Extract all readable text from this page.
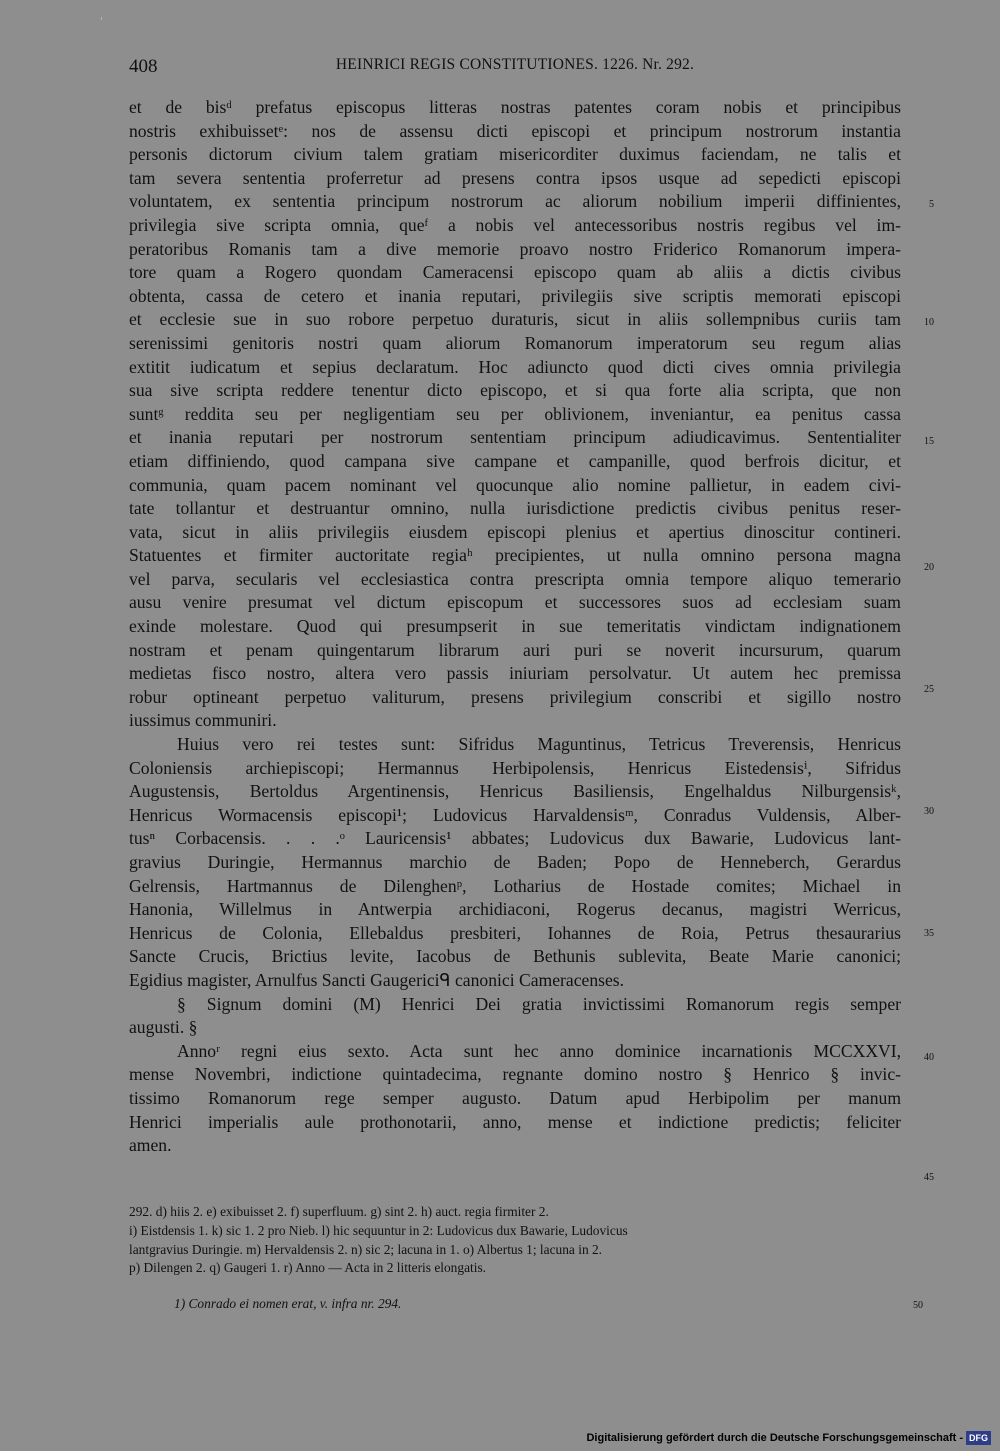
408	HEINRICI REGIS CONSTITUTIONES. 1226. Nr. 292.
et de bisᵈ prefatus episcopus litteras nostras patentes coram nobis et principibus
nostris exhibuissetᵉ: nos de assensu dicti episcopi et principum nostrorum instantia
personis dictorum civium talem gratiam misericorditer duximus faciendam, ne talis et
tam severa sententia proferretur ad presens contra ipsos usque ad sepedicti episcopi
voluntatem, ex sententia principum nostrorum ac aliorum nobilium imperii diffinientes,
privilegia sive scripta omnia, queᶠ a nobis vel antecessoribus nostris regibus vel im-
peratoribus Romanis tam a dive memorie proavo nostro Friderico Romanorum impera-
tore quam a Rogero quondam Cameracensi episcopo quam ab aliis a dictis civibus
obtenta, cassa de cetero et inania reputari, privilegiis sive scriptis memorati episcopi
et ecclesie sue in suo robore perpetuo duraturis, sicut in aliis sollempnibus curiis tam
serenissimi genitoris nostri quam aliorum Romanorum imperatorum seu regum alias
extitit iudicatum et sepius declaratum. Hoc adiuncto quod dicti cives omnia privilegia
sua sive scripta reddere tenentur dicto episcopo, et si qua forte alia scripta, que non
suntᵍ reddita seu per negligentiam seu per oblivionem, inveniantur, ea penitus cassa
et inania reputari per nostrorum sententiam principum adiudicavimus. Sententialiter
etiam diffiniendo, quod campana sive campane et campanille, quod berfrois dicitur, et
communia, quam pacem nominant vel quocunque alio nomine pallietur, in eadem civi-
tate tollantur et destruantur omnino, nulla iurisdictione predictis civibus penitus reser-
vata, sicut in aliis privilegiis eiusdem episcopi plenius et apertius dinoscitur contineri.
Statuentes et firmiter auctoritate regiaʰ precipientes, ut nulla omnino persona magna
vel parva, secularis vel ecclesiastica contra prescripta omnia tempore aliquo temerario
ausu venire presumat vel dictum episcopum et successores suos ad ecclesiam suam
exinde molestare. Quod qui presumpserit in sue temeritatis vindictam indignationem
nostram et penam quingentarum librarum auri puri se noverit incursurum, quarum
medietas fisco nostro, altera vero passis iniuriam persolvatur. Ut autem hec premissa
robur optineant perpetuo valiturum, presens privilegium conscribi et sigillo nostro
iussimus communiri.
Huius vero rei testes sunt: Sifridus Maguntinus, Tetricus Treverensis, Henricus
Coloniensis archiepiscopi; Hermannus Herbipolensis, Henricus Eistedensisⁱ, Sifridus
Augustensis, Bertoldus Argentinensis, Henricus Basiliensis, Engelhaldus Nilburgensisᵏ,
Henricus Wormacensis episcopi¹; Ludovicus Harvaldensisᵐ, Conradus Vuldensis, Alber-
tusⁿ Corbacensis. . . .ᵒ Lauricensis¹ abbates; Ludovicus dux Bawarie, Ludovicus lant-
gravius Duringie, Hermannus marchio de Baden; Popo de Henneberch, Gerardus
Gelrensis, Hartmannus de Dilenghenᵖ, Lotharius de Hostade comites; Michael in
Hanonia, Willelmus in Antwerpia archidiaconi, Rogerus decanus, magistri Werricus,
Henricus de Colonia, Ellebaldus presbiteri, Iohannes de Roia, Petrus thesaurarius
Sancte Crucis, Brictius levite, Iacobus de Bethunis sublevita, Beate Marie canonici;
Egidius magister, Arnulfus Sancti Gaugericiᑫ canonici Cameracenses.
§ Signum domini (M) Henrici Dei gratia invictissimi Romanorum regis semper
augusti. §
Annoʳ regni eius sexto. Acta sunt hec anno dominice incarnationis MCCXXVI,
mense Novembri, indictione quintadecima, regnante domino nostro § Henrico § invic-
tissimo Romanorum rege semper augusto. Datum apud Herbipolim per manum
Henrici imperialis aule prothonotarii, anno, mense et indictione predictis; feliciter
amen.
5
10
15
20
25
30
35
40
45
292. d) hiis 2. e) exibuisset 2. f) superfluum. g) sint 2. h) auct. regia firmiter 2.
i) Eistdensis 1. k) sic 1. 2 pro Nieb. l) hic sequuntur in 2: Ludovicus dux Bawarie, Ludovicus
lantgravius Duringie. m) Hervaldensis 2. n) sic 2; lacuna in 1. o) Albertus 1; lacuna in 2.
p) Dilengen 2. q) Gaugeri 1. r) Anno — Acta in 2 litteris elongatis.
1) Conrado ei nomen erat, v. infra nr. 294.	50
Digitalisierung gefördert durch die Deutsche Forschungsgemeinschaft - DFG
